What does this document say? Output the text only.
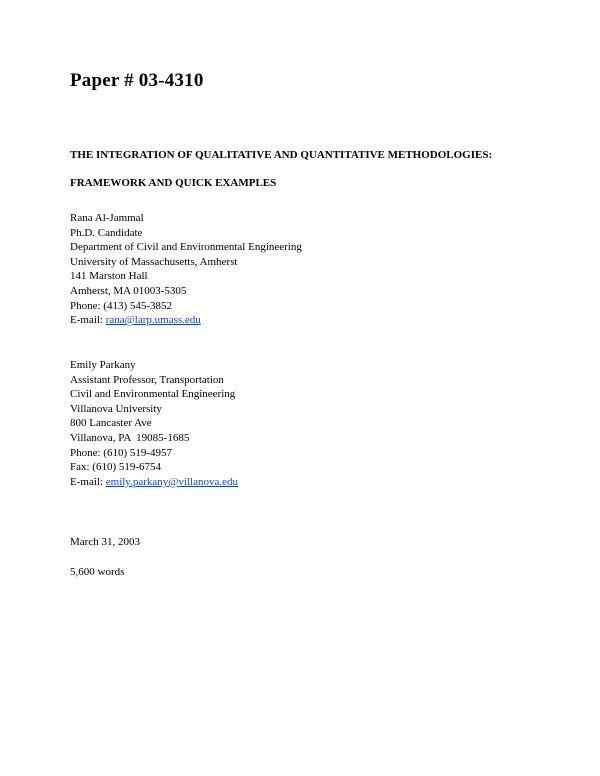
Paper # 03-4310
THE INTEGRATION OF QUALITATIVE AND QUANTITATIVE METHODOLOGIES:
FRAMEWORK AND QUICK EXAMPLES
Rana Al-Jammal
Ph.D. Candidate
Department of Civil and Environmental Engineering
University of Massachusetts, Amherst
141 Marston Hall
Amherst, MA 01003-5305
Phone: (413) 545-3852
E-mail: rana@larp.umass.edu
Emily Parkany
Assistant Professor, Transportation
Civil and Environmental Engineering
Villanova University
800 Lancaster Ave
Villanova, PA  19085-1685
Phone: (610) 519-4957
Fax: (610) 519-6754
E-mail: emily.parkany@villanova.edu
March 31, 2003
5,600 words
